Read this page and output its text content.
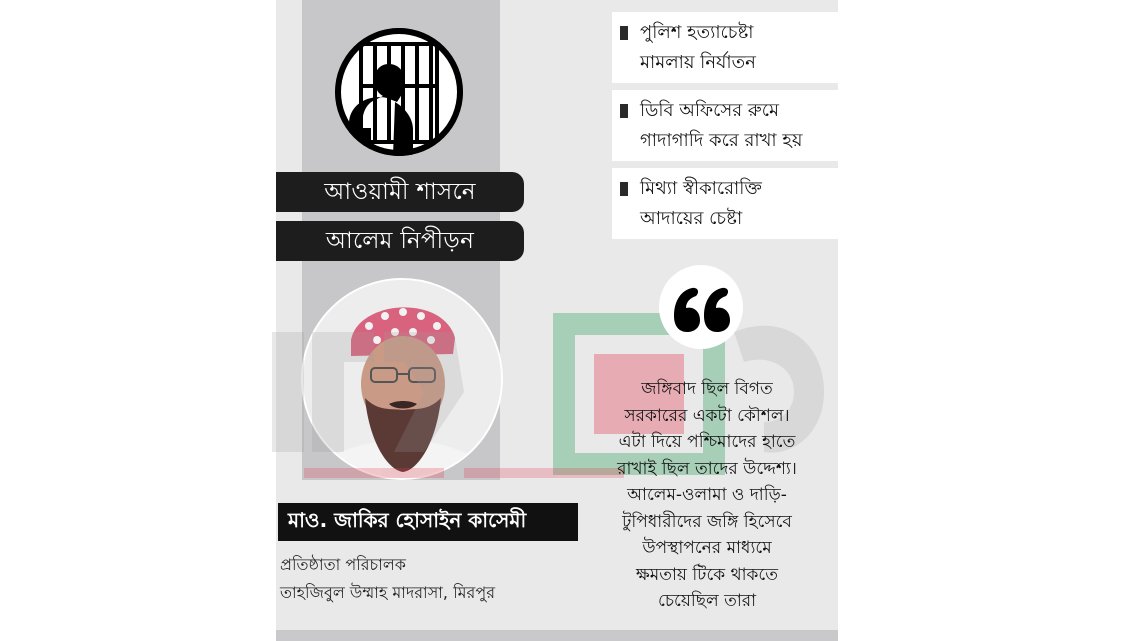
আওয়ামী শাসনে
আলেম নিপীড়ন
মাও. জাকির হোসাইন কাসেমী
প্রতিষ্ঠাতা পরিচালক
তাহজিবুল উম্মাহ মাদরাসা, মিরপুর
পুলিশ হত্যাচেষ্টা
মামলায় নির্যাতন
ডিবি অফিসের রুমে
গাদাগাদি করে রাখা হয়
মিথ্যা স্বীকারোক্তি
আদায়ের চেষ্টা
জঙ্গিবাদ ছিল বিগত
সরকারের একটা কৌশল।
এটা দিয়ে পশ্চিমাদের হাতে
রাখাই ছিল তাদের উদ্দেশ্য।
আলেম-ওলামা ও দাড়ি-
টুপিধারীদের জঙ্গি হিসেবে
উপস্থাপনের মাধ্যমে
ক্ষমতায় টিকে থাকতে
চেয়েছিল তারা
